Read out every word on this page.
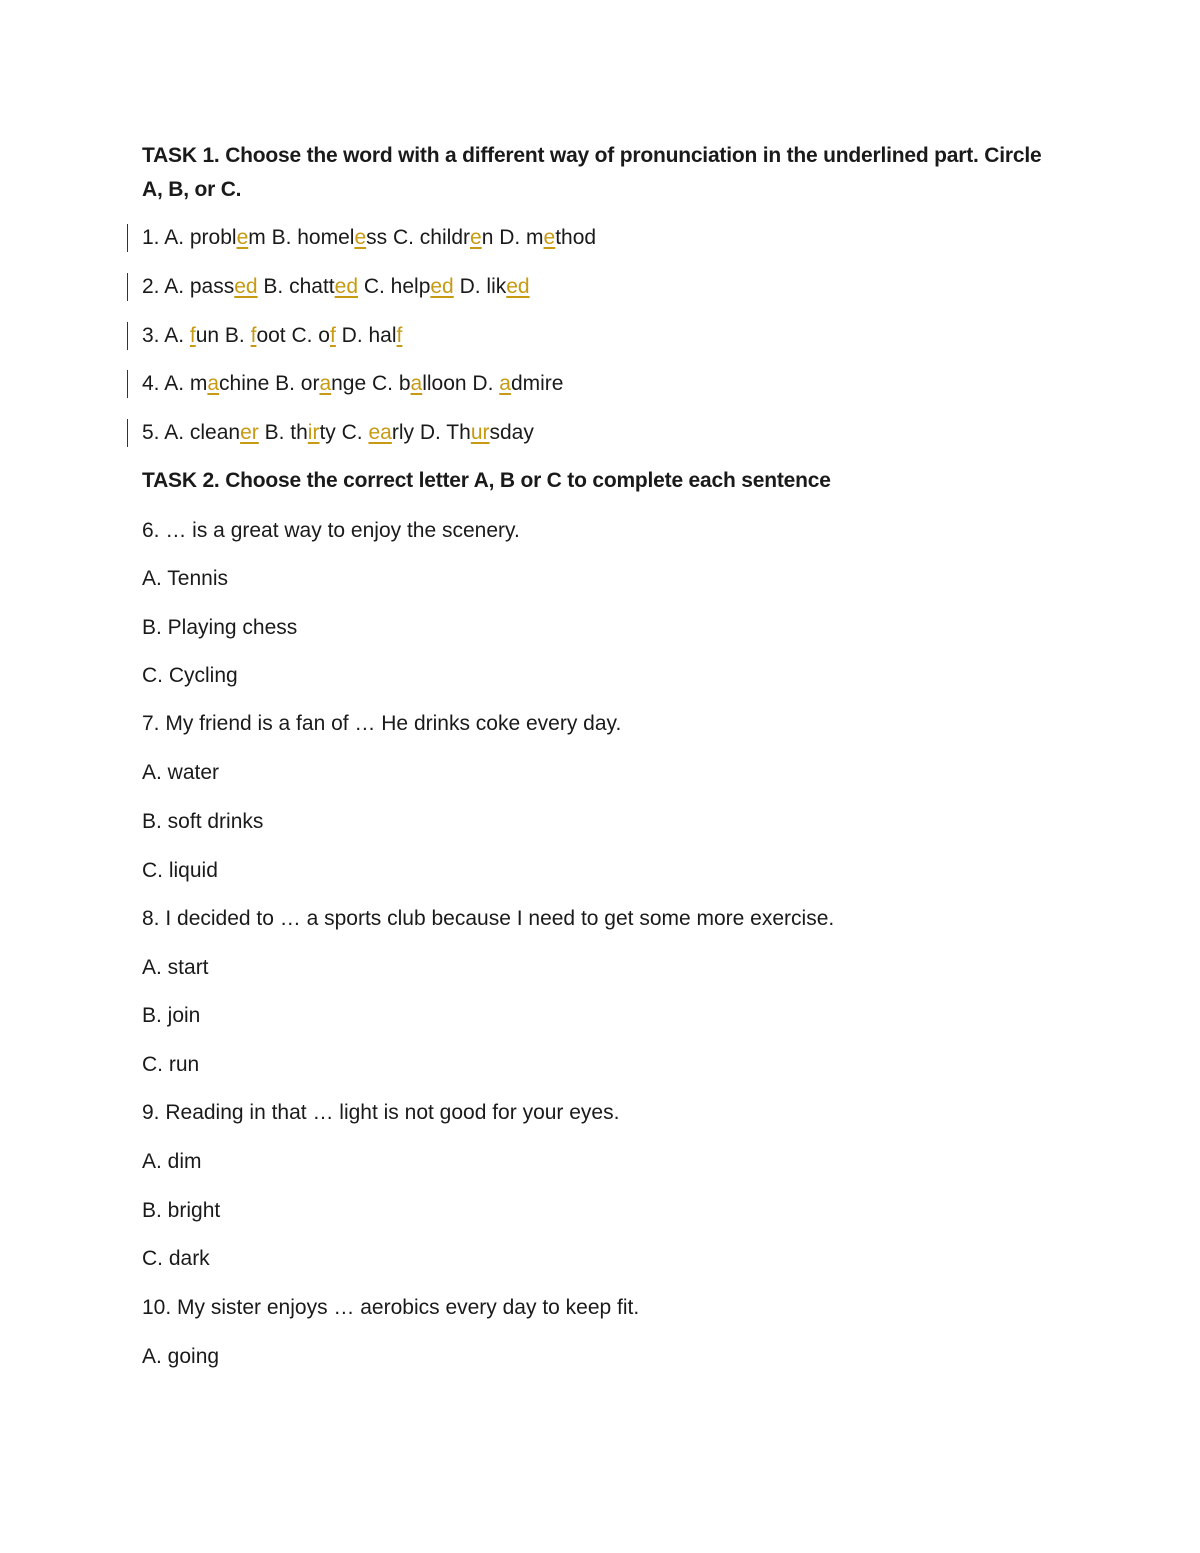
TASK 1. Choose the word with a different way of pronunciation in the underlined part. Circle
A, B, or C.
1. A. problem B. homeless C. children D. method
2. A. passed B. chatted C. helped D. liked
3. A. fun B. foot C. of D. half
4. A. machine B. orange C. balloon D. admire
5. A. cleaner B. thirty C. early D. Thursday
TASK 2. Choose the correct letter A, B or C to complete each sentence
6. … is a great way to enjoy the scenery.
A. Tennis
B. Playing chess
C. Cycling
7. My friend is a fan of … He drinks coke every day.
A. water
B. soft drinks
C. liquid
8. I decided to … a sports club because I need to get some more exercise.
A. start
B. join
C. run
9. Reading in that … light is not good for your eyes.
A. dim
B. bright
C. dark
10. My sister enjoys … aerobics every day to keep fit.
A. going
